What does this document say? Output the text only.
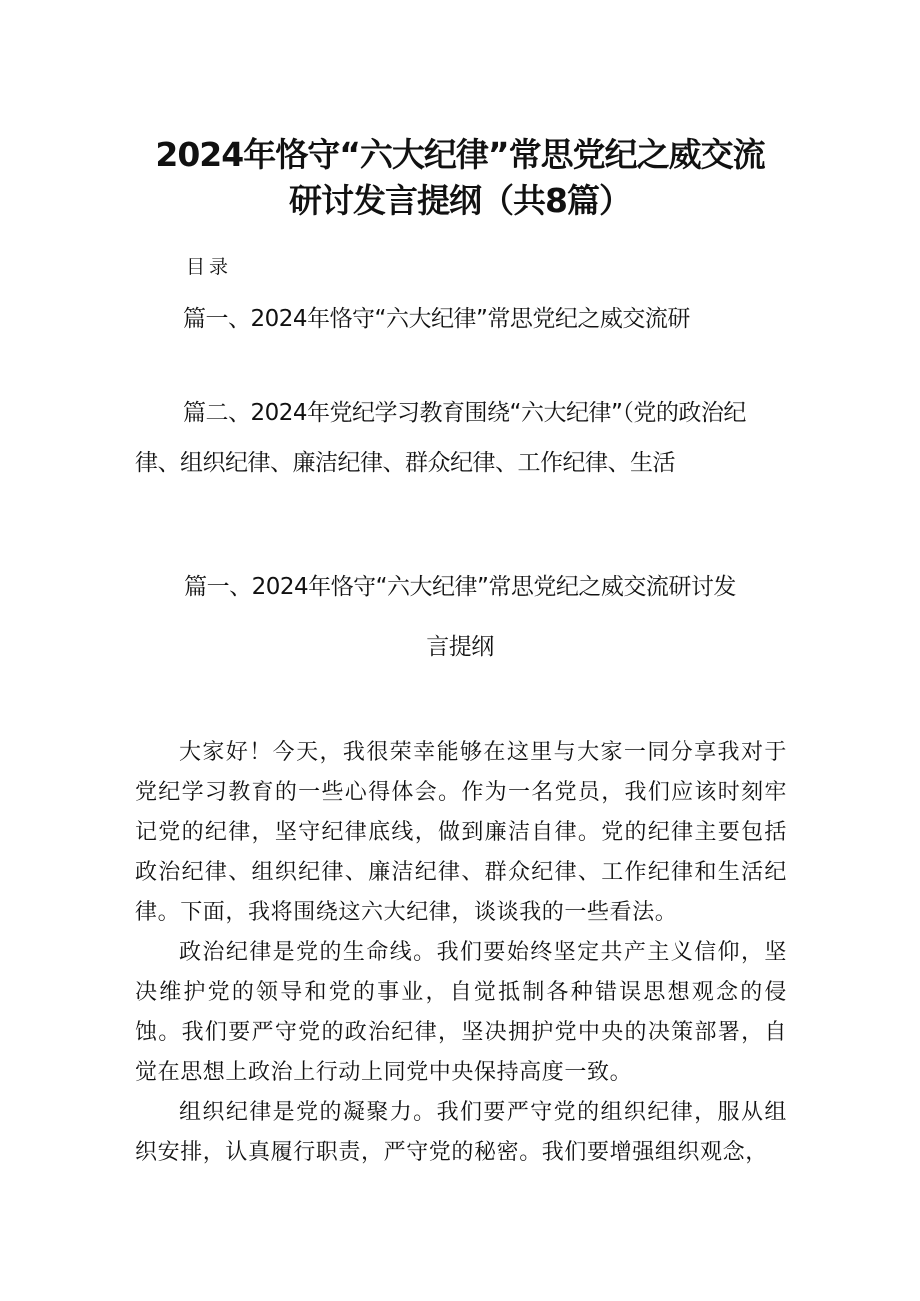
2024年恪守“六大纪律”常思党纪之威交流
研讨发言提纲（共8篇）
目录
篇一、2024年恪守“六大纪律”常思党纪之威交流研
篇二、2024年党纪学习教育围绕“六大纪律”（党的政治纪
律、组织纪律、廉洁纪律、群众纪律、工作纪律、生活
篇一、2024年恪守“六大纪律”常思党纪之威交流研讨发
言提纲

大家好！今天，我很荣幸能够在这里与大家一同分享我对于党纪学习教育的一些心得体会。作为一名党员，我们应该时刻牢记党的纪律，坚守纪律底线，做到廉洁自律。党的纪律主要包括政治纪律、组织纪律、廉洁纪律、群众纪律、工作纪律和生活纪律。下面，我将围绕这六大纪律，谈谈我的一些看法。

政治纪律是党的生命线。我们要始终坚定共产主义信仰，坚决维护党的领导和党的事业，自觉抵制各种错误思想观念的侵蚀。我们要严守党的政治纪律，坚决拥护党中央的决策部署，自觉在思想上政治上行动上同党中央保持高度一致。

组织纪律是党的凝聚力。我们要严守党的组织纪律，服从组织安排，认真履行职责，严守党的秘密。我们要增强组织观念，
